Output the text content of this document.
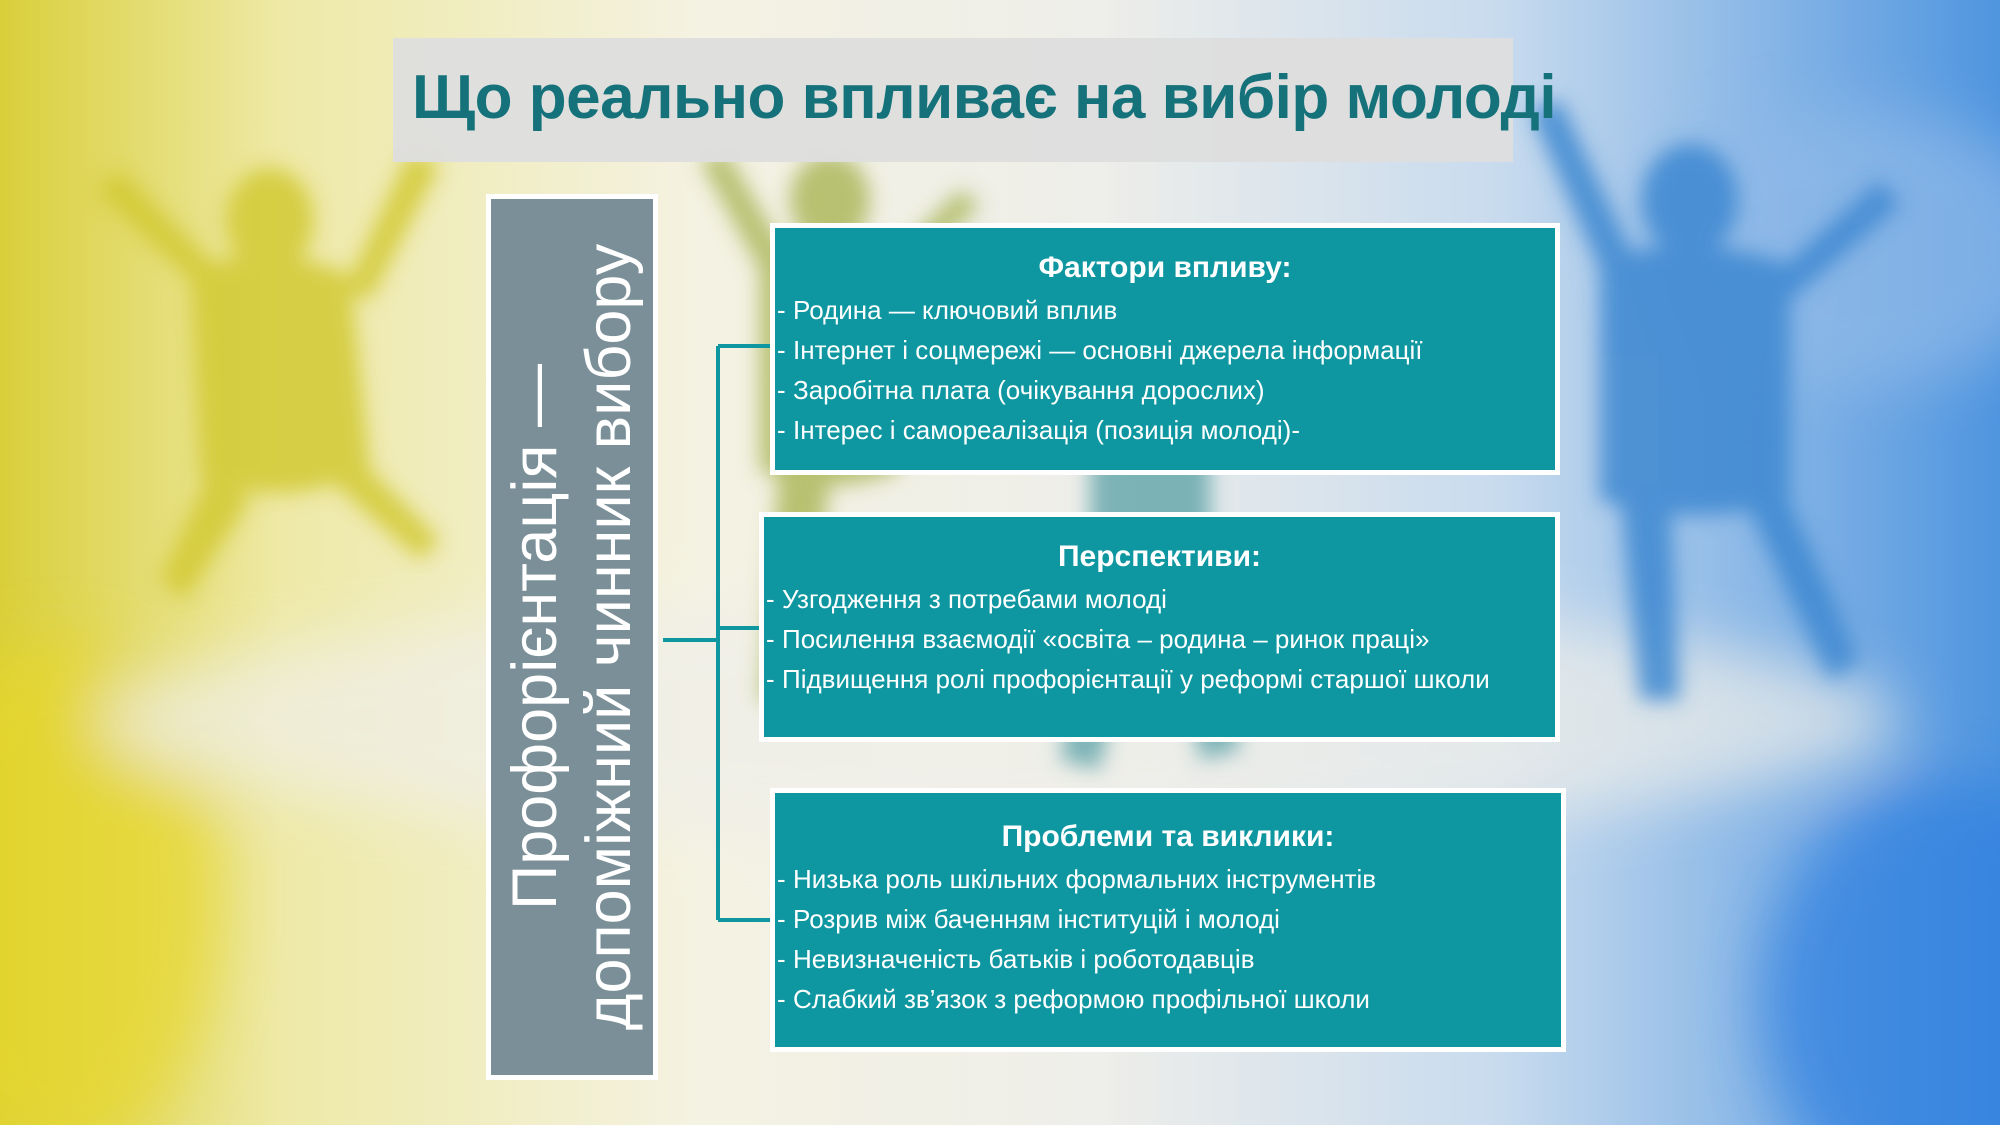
Що реально впливає на вибір молоді
Профорієнтація — допоміжний чинник вибору	Фактори впливу:
- Родина — ключовий вплив
- Інтернет і соцмережі — основні джерела інформації
- Заробітна плата (очікування дорослих)
- Інтерес і самореалізація (позиція молоді)-
Перспективи:
- Узгодження з потребами молоді
- Посилення взаємодії «освіта – родина – ринок праці»
- Підвищення ролі профорієнтації у реформі старшої школи
Проблеми та виклики:
- Низька роль шкільних формальних інструментів
- Розрив між баченням інституцій і молоді
- Невизначеність батьків і роботодавців
- Слабкий зв’язок з реформою профільної школи
